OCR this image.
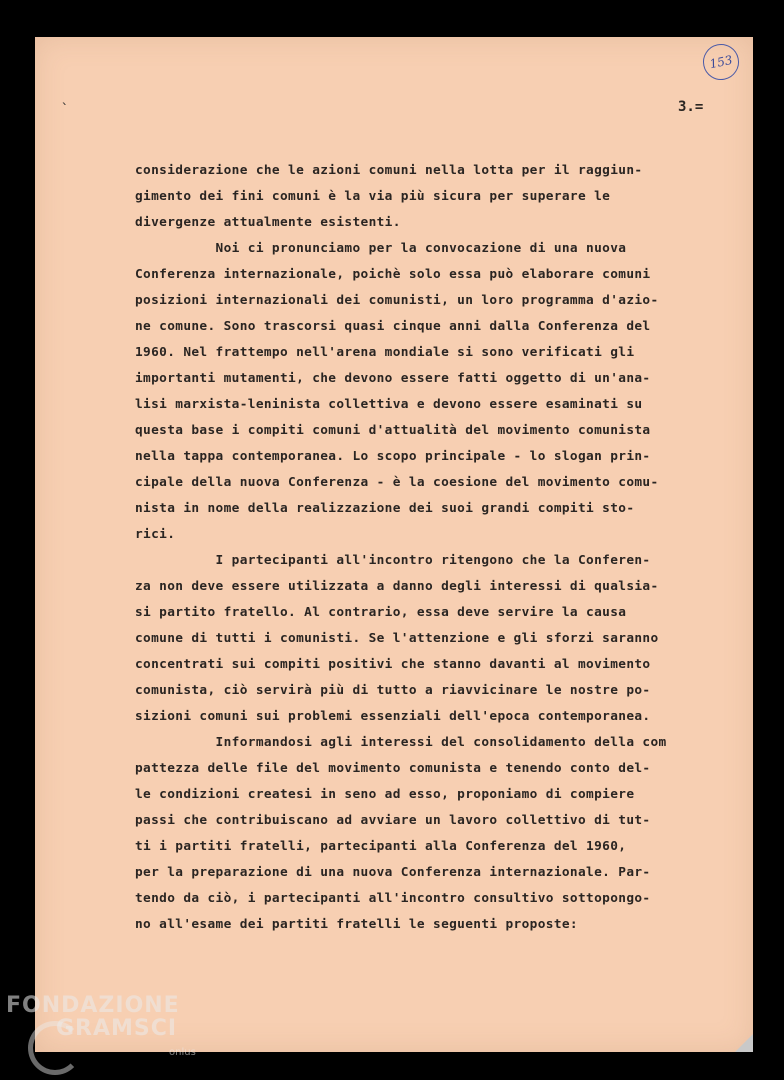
ˎ
153
3.=
considerazione che le azioni comuni nella lotta per il raggiun-
gimento dei fini comuni è la via più sicura per superare le
divergenze attualmente esistenti.
Noi ci pronunciamo per la convocazione di una nuova
Conferenza internazionale, poichè solo essa può elaborare comuni
posizioni internazionali dei comunisti, un loro programma d'azio-
ne comune. Sono trascorsi quasi cinque anni dalla Conferenza del
1960. Nel frattempo nell'arena mondiale si sono verificati gli
importanti mutamenti, che devono essere fatti oggetto di un'ana-
lisi marxista-leninista collettiva e devono essere esaminati su
questa base i compiti comuni d'attualità del movimento comunista
nella tappa contemporanea. Lo scopo principale - lo slogan prin-
cipale della nuova Conferenza - è la coesione del movimento comu-
nista in nome della realizzazione dei suoi grandi compiti sto-
rici.
I partecipanti all'incontro ritengono che la Conferen-
za non deve essere utilizzata a danno degli interessi di qualsia-
si partito fratello. Al contrario, essa deve servire la causa
comune di tutti i comunisti. Se l'attenzione e gli sforzi saranno
concentrati sui compiti positivi che stanno davanti al movimento
comunista, ciò servirà più di tutto a riavvicinare le nostre po-
sizioni comuni sui problemi essenziali dell'epoca contemporanea.
Informandosi agli interessi del consolidamento della com
pattezza delle file del movimento comunista e tenendo conto del-
le condizioni createsi in seno ad esso, proponiamo di compiere
passi che contribuiscano ad avviare un lavoro collettivo di tut-
ti i partiti fratelli, partecipanti alla Conferenza del 1960,
per la preparazione di una nuova Conferenza internazionale. Par-
tendo da ciò, i partecipanti all'incontro consultivo sottopongo-
no all'esame dei partiti fratelli le seguenti proposte:
FONDAZIONE
GRAMSCI
onlus
